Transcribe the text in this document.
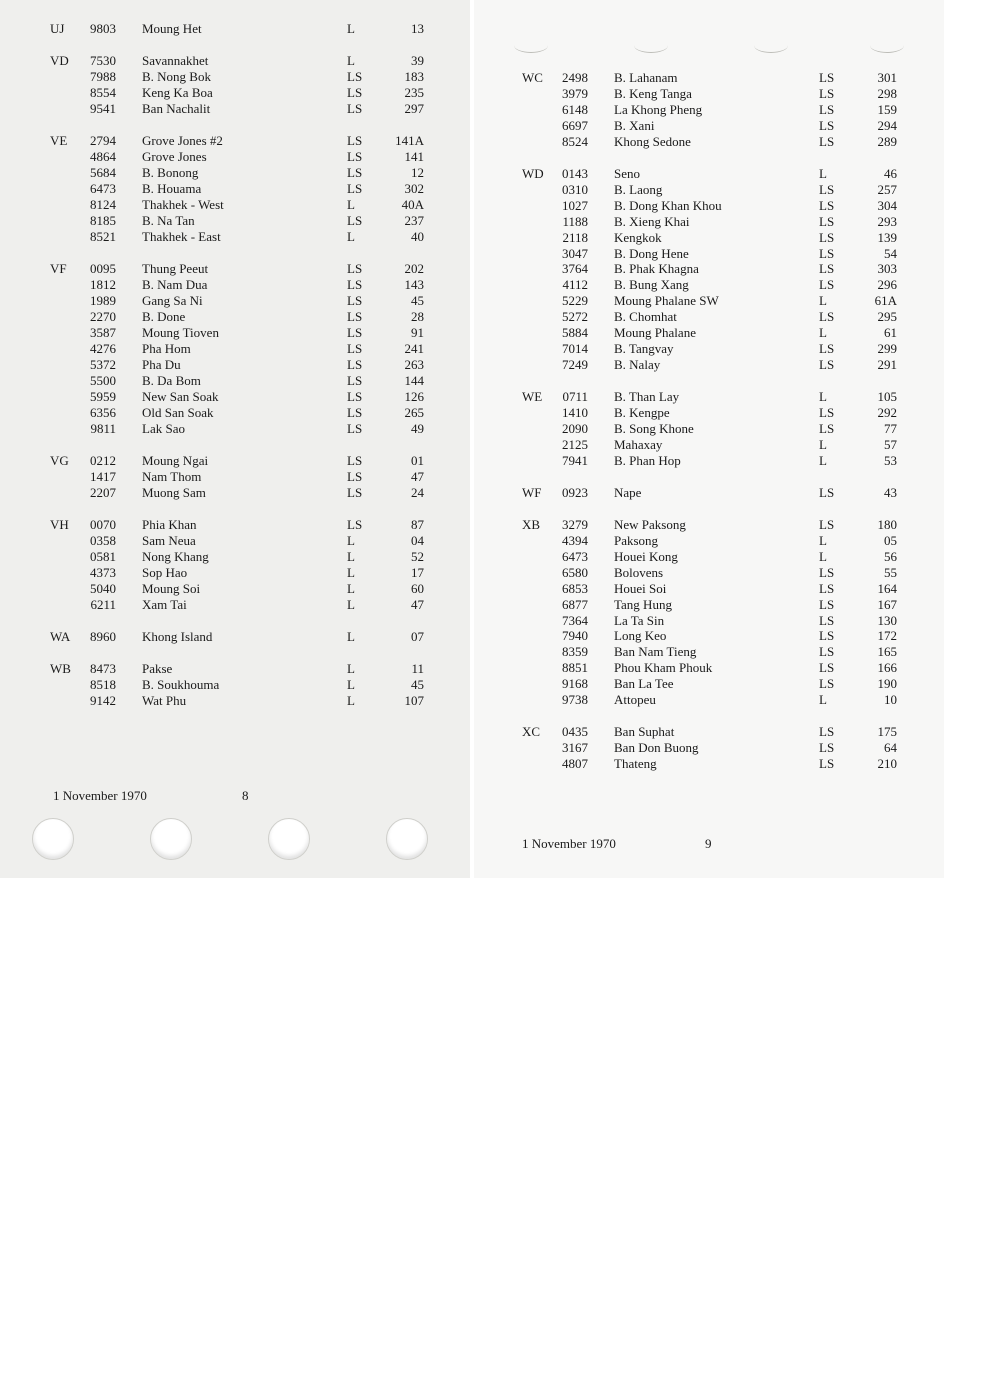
1 November 1970	8
1 November 1970	9
UJ	9803 Moung Het	L	13
VD	7530 Savannakhet	L	39
7988 B. Nong Bok	LS	183
8554 Keng Ka Boa	LS	235
9541 Ban Nachalit	LS	297
VE	2794 Grove Jones #2	LS	141A
4864 Grove Jones	LS	141
5684 B. Bonong	LS	12
6473 B. Houama	LS	302
8124 Thakhek - West	L	40A
8185 B. Na Tan	LS	237
8521 Thakhek - East	L	40
VF	0095 Thung Peeut	LS	202
1812 B. Nam Dua	LS	143
1989 Gang Sa Ni	LS	45
2270 B. Done	LS	28
3587 Moung Tioven	LS	91
4276 Pha Hom	LS	241
5372 Pha Du	LS	263
5500 B. Da Bom	LS	144
5959 New San Soak	LS	126
6356 Old San Soak	LS	265
9811 Lak Sao	LS	49
VG	0212 Moung Ngai	LS	01
1417 Nam Thom	LS	47
2207 Muong Sam	LS	24
VH	0070 Phia Khan	LS	87
0358 Sam Neua	L	04
0581 Nong Khang	L	52
4373 Sop Hao	L	17
5040 Moung Soi	L	60
6211 Xam Tai	L	47
WA	8960 Khong Island	L	07
WB	8473 Pakse	L	11
8518 B. Soukhouma	L	45
9142 Wat Phu	L	107
WC	2498 B. Lahanam	LS	301
3979 B. Keng Tanga	LS	298
6148 La Khong Pheng	LS	159
6697 B. Xani	LS	294
8524 Khong Sedone	LS	289
WD	0143 Seno	L	46
0310 B. Laong	LS	257
1027 B. Dong Khan Khou	LS	304
1188 B. Xieng Khai	LS	293
2118 Kengkok	LS	139
3047 B. Dong Hene	LS	54
3764 B. Phak Khagna	LS	303
4112 B. Bung Xang	LS	296
5229 Moung Phalane SW	L	61A
5272 B. Chomhat	LS	295
5884 Moung Phalane	L	61
7014 B. Tangvay	LS	299
7249 B. Nalay	LS	291
WE	0711 B. Than Lay	L	105
1410 B. Kengpe	LS	292
2090 B. Song Khone	LS	77
2125 Mahaxay	L	57
7941 B. Phan Hop	L	53
WF	0923 Nape	LS	43
XB	3279 New Paksong	LS	180
4394 Paksong	L	05
6473 Houei Kong	L	56
6580 Bolovens	LS	55
6853 Houei Soi	LS	164
6877 Tang Hung	LS	167
7364 La Ta Sin	LS	130
7940 Long Keo	LS	172
8359 Ban Nam Tieng	LS	165
8851 Phou Kham Phouk	LS	166
9168 Ban La Tee	LS	190
9738 Attopeu	L	10
XC	0435 Ban Suphat	LS	175
3167 Ban Don Buong	LS	64
4807 Thateng	LS	210
